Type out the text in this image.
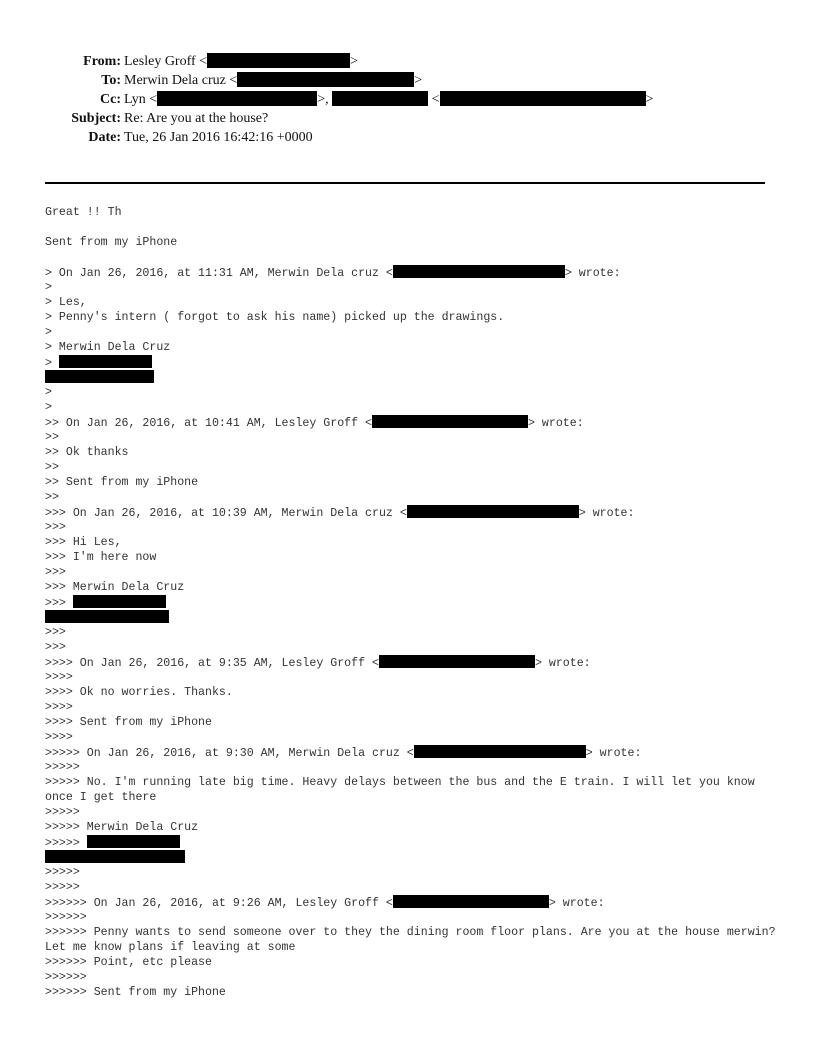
From: Lesley Groff <	>
To: Merwin Dela cruz <	>
Cc: Lyn <	>,	<	>
Subject: Re: Are you at the house?
Date: Tue, 26 Jan 2016 16:42:16 +0000
Great !! Th
Sent from my iPhone
> On Jan 26, 2016, at 11:31 AM, Merwin Dela cruz <	> wrote:
>
> Les,
> Penny's intern ( forgot to ask his name) picked up the drawings.
>
> Merwin Dela Cruz
>
>
>
>> On Jan 26, 2016, at 10:41 AM, Lesley Groff <	> wrote:
>>
>> Ok thanks
>>
>> Sent from my iPhone
>>
>>> On Jan 26, 2016, at 10:39 AM, Merwin Dela cruz <	> wrote:
>>>
>>> Hi Les,
>>> I'm here now
>>>
>>> Merwin Dela Cruz
>>>
>>>
>>>
>>>> On Jan 26, 2016, at 9:35 AM, Lesley Groff <	> wrote:
>>>>
>>>> Ok no worries. Thanks.
>>>>
>>>> Sent from my iPhone
>>>>
>>>>> On Jan 26, 2016, at 9:30 AM, Merwin Dela cruz <	> wrote:
>>>>>
>>>>> No. I'm running late big time. Heavy delays between the bus and the E train. I will let you know once I get there
>>>>>
>>>>> Merwin Dela Cruz
>>>>>
>>>>>
>>>>>
>>>>>> On Jan 26, 2016, at 9:26 AM, Lesley Groff <	> wrote:
>>>>>>
>>>>>> Penny wants to send someone over to they the dining room floor plans. Are you at the house merwin? Let me know plans if leaving at some
>>>>>> Point, etc please
>>>>>>
>>>>>> Sent from my iPhone
